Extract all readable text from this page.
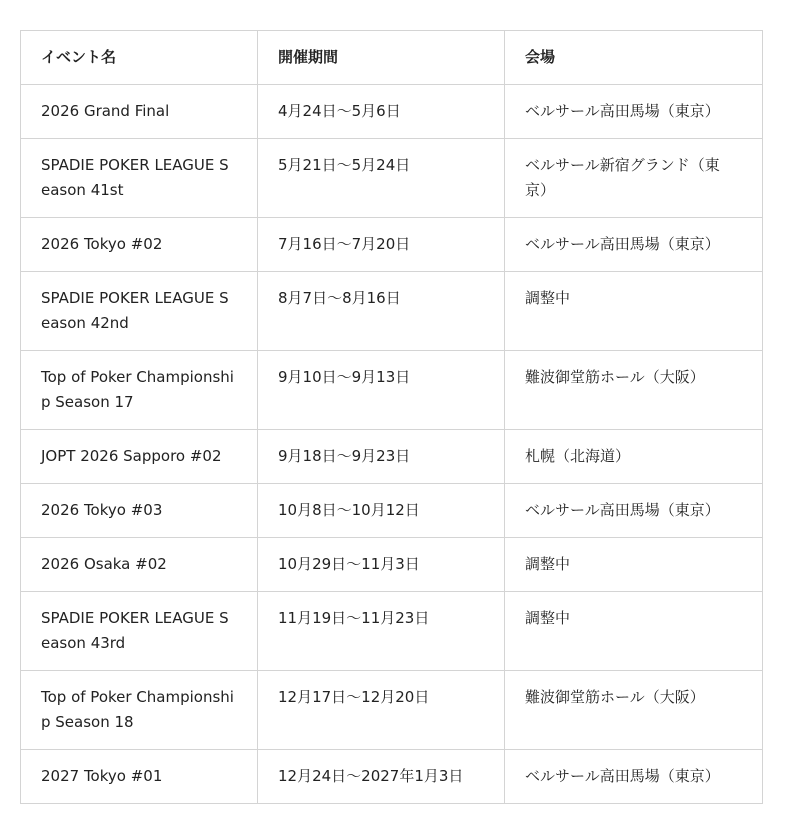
イベント名	開催期間	会場
2026 Grand Final	4月24日〜5月6日	ベルサール高田馬場（東京）
SPADIE POKER LEAGUE Season 41st	5月21日〜5月24日	ベルサール新宿グランド（東京）
2026 Tokyo #02	7月16日〜7月20日	ベルサール高田馬場（東京）
SPADIE POKER LEAGUE Season 42nd	8月7日〜8月16日	調整中
Top of Poker Championship Season 17	9月10日〜9月13日	難波御堂筋ホール（大阪）
JOPT 2026 Sapporo #02	9月18日〜9月23日	札幌（北海道）
2026 Tokyo #03	10月8日〜10月12日	ベルサール高田馬場（東京）
2026 Osaka #02	10月29日〜11月3日	調整中
SPADIE POKER LEAGUE Season 43rd	11月19日〜11月23日	調整中
Top of Poker Championship Season 18	12月17日〜12月20日	難波御堂筋ホール（大阪）
2027 Tokyo #01	12月24日〜2027年1月3日	ベルサール高田馬場（東京）
